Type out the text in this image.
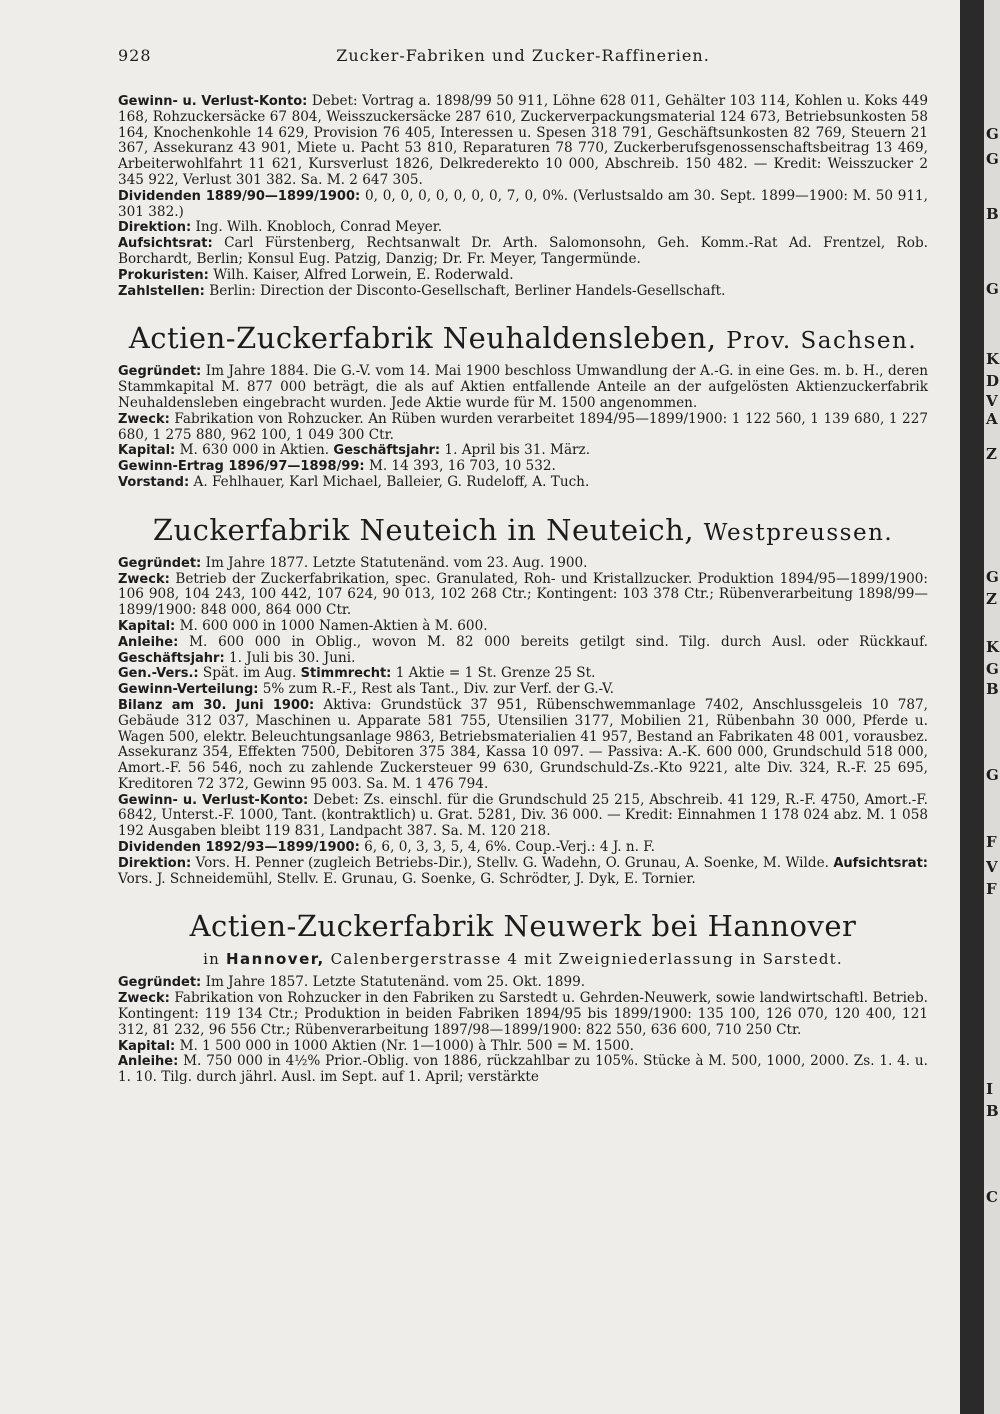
928	Zucker-Fabriken und Zucker-Raffinerien.

Gewinn- u. Verlust-Konto: Debet: Vortrag a. 1898/99 50 911, Löhne 628 011, Gehälter 103 114, Kohlen u. Koks 449 168, Rohzuckersäcke 67 804, Weisszuckersäcke 287 610, Zuckerverpackungsmaterial 124 673, Betriebsunkosten 58 164, Knochenkohle 14 629, Provision 76 405, Interessen u. Spesen 318 791, Geschäftsunkosten 82 769, Steuern 21 367, Assekuranz 43 901, Miete u. Pacht 53 810, Reparaturen 78 770, Zuckerberufsgenossenschaftsbeitrag 13 469, Arbeiterwohlfahrt 11 621, Kursverlust 1826, Delkrederekto 10 000, Abschreib. 150 482. — Kredit: Weisszucker 2 345 922, Verlust 301 382. Sa. M. 2 647 305.

Dividenden 1889/90—1899/1900: 0, 0, 0, 0, 0, 0, 0, 0, 7, 0, 0%. (Verlustsaldo am 30. Sept. 1899—1900: M. 50 911, 301 382.)

Direktion: Ing. Wilh. Knobloch, Conrad Meyer.

Aufsichtsrat: Carl Fürstenberg, Rechtsanwalt Dr. Arth. Salomonsohn, Geh. Komm.-Rat Ad. Frentzel, Rob. Borchardt, Berlin; Konsul Eug. Patzig, Danzig; Dr. Fr. Meyer, Tangermünde.

Prokuristen: Wilh. Kaiser, Alfred Lorwein, E. Roderwald.

Zahlstellen: Berlin: Direction der Disconto-Gesellschaft, Berliner Handels-Gesellschaft.

Actien-Zuckerfabrik Neuhaldensleben, Prov. Sachsen.

Gegründet: Im Jahre 1884. Die G.-V. vom 14. Mai 1900 beschloss Umwandlung der A.-G. in eine Ges. m. b. H., deren Stammkapital M. 877 000 beträgt, die als auf Aktien entfallende Anteile an der aufgelösten Aktienzuckerfabrik Neuhaldensleben eingebracht wurden. Jede Aktie wurde für M. 1500 angenommen.

Zweck: Fabrikation von Rohzucker. An Rüben wurden verarbeitet 1894/95—1899/1900: 1 122 560, 1 139 680, 1 227 680, 1 275 880, 962 100, 1 049 300 Ctr.

Kapital: M. 630 000 in Aktien. Geschäftsjahr: 1. April bis 31. März.

Gewinn-Ertrag 1896/97—1898/99: M. 14 393, 16 703, 10 532.

Vorstand: A. Fehlhauer, Karl Michael, Balleier, G. Rudeloff, A. Tuch.

Zuckerfabrik Neuteich in Neuteich, Westpreussen.

Gegründet: Im Jahre 1877. Letzte Statutenänd. vom 23. Aug. 1900.

Zweck: Betrieb der Zuckerfabrikation, spec. Granulated, Roh- und Kristallzucker. Produktion 1894/95—1899/1900: 106 908, 104 243, 100 442, 107 624, 90 013, 102 268 Ctr.; Kontingent: 103 378 Ctr.; Rübenverarbeitung 1898/99—1899/1900: 848 000, 864 000 Ctr.

Kapital: M. 600 000 in 1000 Namen-Aktien à M. 600.

Anleihe: M. 600 000 in Oblig., wovon M. 82 000 bereits getilgt sind. Tilg. durch Ausl. oder Rückkauf. Geschäftsjahr: 1. Juli bis 30. Juni.

Gen.-Vers.: Spät. im Aug. Stimmrecht: 1 Aktie = 1 St. Grenze 25 St.

Gewinn-Verteilung: 5% zum R.-F., Rest als Tant., Div. zur Verf. der G.-V.

Bilanz am 30. Juni 1900: Aktiva: Grundstück 37 951, Rübenschwemmanlage 7402, Anschlussgeleis 10 787, Gebäude 312 037, Maschinen u. Apparate 581 755, Utensilien 3177, Mobilien 21, Rübenbahn 30 000, Pferde u. Wagen 500, elektr. Beleuchtungsanlage 9863, Betriebsmaterialien 41 957, Bestand an Fabrikaten 48 001, vorausbez. Assekuranz 354, Effekten 7500, Debitoren 375 384, Kassa 10 097. — Passiva: A.-K. 600 000, Grundschuld 518 000, Amort.-F. 56 546, noch zu zahlende Zuckersteuer 99 630, Grundschuld-Zs.-Kto 9221, alte Div. 324, R.-F. 25 695, Kreditoren 72 372, Gewinn 95 003. Sa. M. 1 476 794.

Gewinn- u. Verlust-Konto: Debet: Zs. einschl. für die Grundschuld 25 215, Abschreib. 41 129, R.-F. 4750, Amort.-F. 6842, Unterst.-F. 1000, Tant. (kontraktlich) u. Grat. 5281, Div. 36 000. — Kredit: Einnahmen 1 178 024 abz. M. 1 058 192 Ausgaben bleibt 119 831, Landpacht 387. Sa. M. 120 218.

Dividenden 1892/93—1899/1900: 6, 6, 0, 3, 3, 5, 4, 6%. Coup.-Verj.: 4 J. n. F.

Direktion: Vors. H. Penner (zugleich Betriebs-Dir.), Stellv. G. Wadehn, O. Grunau, A. Soenke, M. Wilde. Aufsichtsrat: Vors. J. Schneidemühl, Stellv. E. Grunau, G. Soenke, G. Schrödter, J. Dyk, E. Tornier.

Actien-Zuckerfabrik Neuwerk bei Hannover
in Hannover, Calenbergerstrasse 4 mit Zweigniederlassung in Sarstedt.

Gegründet: Im Jahre 1857. Letzte Statutenänd. vom 25. Okt. 1899.

Zweck: Fabrikation von Rohzucker in den Fabriken zu Sarstedt u. Gehrden-Neuwerk, sowie landwirtschaftl. Betrieb. Kontingent: 119 134 Ctr.; Produktion in beiden Fabriken 1894/95 bis 1899/1900: 135 100, 126 070, 120 400, 121 312, 81 232, 96 556 Ctr.; Rübenverarbeitung 1897/98—1899/1900: 822 550, 636 600, 710 250 Ctr.

Kapital: M. 1 500 000 in 1000 Aktien (Nr. 1—1000) à Thlr. 500 = M. 1500.

Anleihe: M. 750 000 in 4½% Prior.-Oblig. von 1886, rückzahlbar zu 105%. Stücke à M. 500, 1000, 2000. Zs. 1. 4. u. 1. 10. Tilg. durch jährl. Ausl. im Sept. auf 1. April; verstärkte

G
G
B
G
K
D
V
A
Z
G
Z
K
G
B
G
F
V
F
I
B
C
